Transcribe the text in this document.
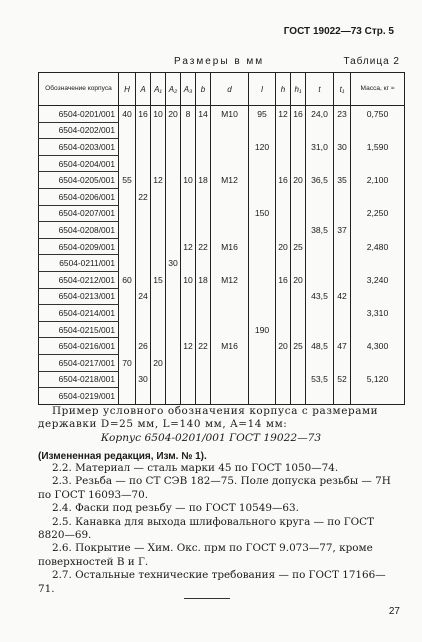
ГОСТ 19022—73 Стр. 5
Размеры в мм	Таблица 2
Обозначение корпуса	H	A	A₁	A₂	A₃	b	d	l	h	h₁	t	t₁	Масса, кг ≈
6504-0201/001	40	16	10	20	8	14	M10	95	12	16	24,0	23	0,750
6504-0202/001													
6504-0203/001								120			31,0	30	1,590
6504-0204/001													
6504-0205/001	55		12		10	18	M12		16	20	36,5	35	2,100
6504-0206/001		22											
6504-0207/001								150					2,250
6504-0208/001											38,5	37	
6504-0209/001					12	22	M16		20	25			2,480
6504-0211/001				30									
6504-0212/001	60		15		10	18	M12		16	20			3,240
6504-0213/001		24									43,5	42	
6504-0214/001													3,310
6504-0215/001								190					
6504-0216/001		26			12	22	M16		20	25	48,5	47	4,300
6504-0217/001	70		20										
6504-0218/001		30									53,5	52	5,120
6504-0219/001													
Пример условного обозначения корпуса с размерами державки D=25 мм, L=140 мм, A=14 мм:
Корпус 6504-0201/001 ГОСТ 19022—73
(Измененная редакция, Изм. № 1).

2.2. Материал — сталь марки 45 по ГОСТ 1050—74.

2.3. Резьба — по СТ СЭВ 182—75. Поле допуска резьбы — 7H по ГОСТ 16093—70.

2.4. Фаски под резьбу — по ГОСТ 10549—63.

2.5. Канавка для выхода шлифовального круга — по ГОСТ 8820—69.

2.6. Покрытие — Хим. Окс. прм по ГОСТ 9.073—77, кроме поверхностей B и Г.

2.7. Остальные технические требования — по ГОСТ 17166—71.

27
